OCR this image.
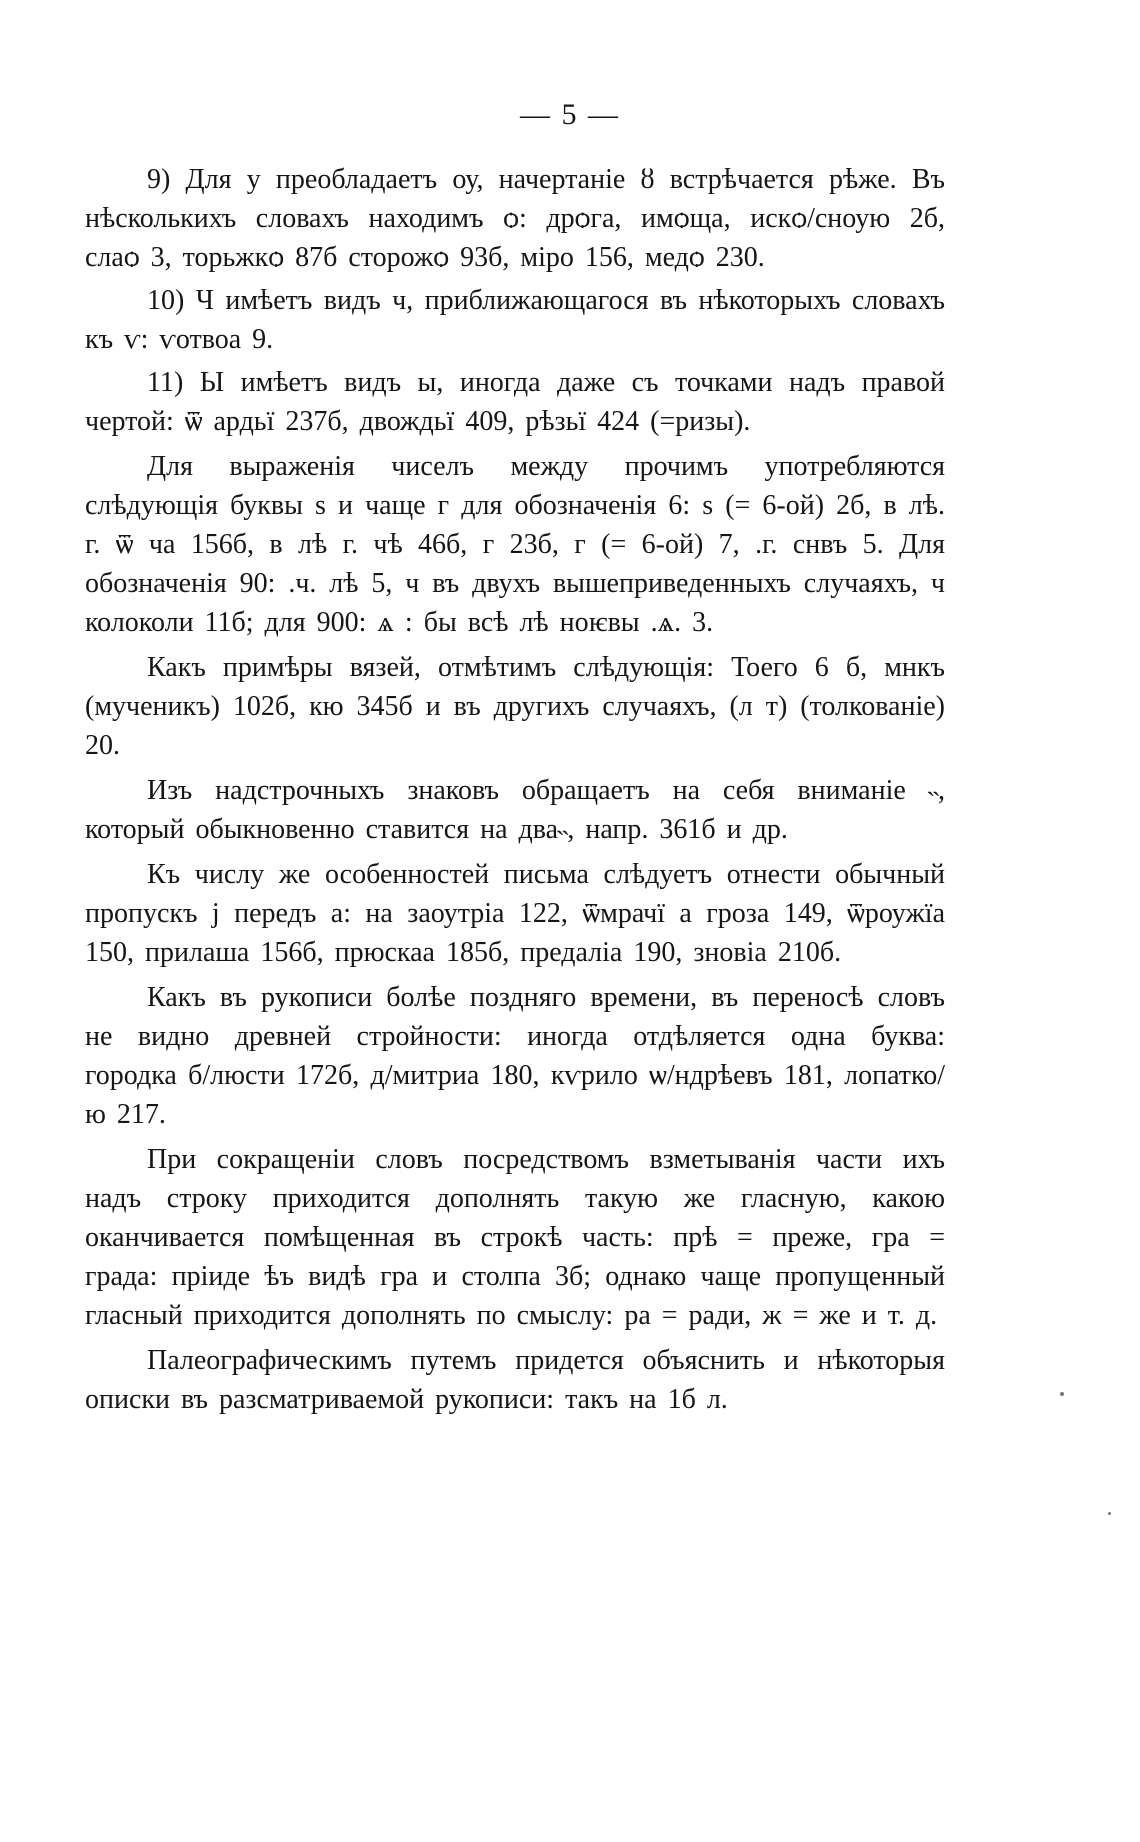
— 5 —

9) Для у преобладаетъ оу, начертаніе ȣ встрѣчается рѣже. Въ нѣсколькихъ словахъ находимъ ѻ: дрѻга, имѻща, искѻ/сноую 2б, слаѻ 3, торьжкѻ 87б сторожѻ 93б, міро 156, медѻ 230.

10) Ч имѣетъ видъ ч, приближающагося въ нѣкоторыхъ словахъ къ ѵ: ѵотвоа 9.

11) Ы имѣетъ видъ ы, иногда даже съ точками надъ правой чертой: ѿ ардьї 237б, двождьї 409, рѣзьї 424 (=ризы).

Для выраженія чиселъ между прочимъ употребляются слѣдующія буквы ѕ и чаще г для обозначенія 6: ѕ (= 6-ой) 2б, в лѣ. г. ѿ ча 156б, в лѣ г. чѣ 46б, г 23б, г (= 6-ой) 7, .г. снвъ 5. Для обозначенія 90: .ч. лѣ 5, ч въ двухъ вышеприведенныхъ случаяхъ, ч колоколи 11б; для 900: ѧ : бы всѣ лѣ ноѥвы .ѧ. 3.

Какъ примѣры вязей, отмѣтимъ слѣдующія: Тоего 6 б, мнкъ (мученикъ) 102б, кю 345б и въ другихъ случаяхъ, (л т) (толкованіе) 20.

Изъ надстрочныхъ знаковъ обращаетъ на себя вниманіе ˵, который обыкновенно ставится на два˵, напр. 361б и др.

Къ числу же особенностей письма слѣдуетъ отнести обычный пропускъ j передъ а: на заоутріа 122, ѿмрачї а гроза 149, ѿроужїа 150, прилаша 156б, прюскаа 185б, предаліа 190, зновіа 210б.

Какъ въ рукописи болѣе поздняго времени, въ переносѣ словъ не видно древней стройности: иногда отдѣляется одна буква: городка б/люсти 172б, д/митриа 180, кѵрило ѡ/ндрѣевъ 181, лопатко/ю 217.

При сокращеніи словъ посредствомъ взметыванія части ихъ надъ строку приходится дополнять такую же гласную, какою оканчивается помѣщенная въ строкѣ часть: прѣ = преже, гра = града: пріиде ѣъ видѣ гра и столпа 3б; однако чаще пропущенный гласный приходится дополнять по смыслу: ра = ради, ж = же и т. д.

Палеографическимъ путемъ придется объяснить и нѣкоторыя описки въ разсматриваемой рукописи: такъ на 1б л.
